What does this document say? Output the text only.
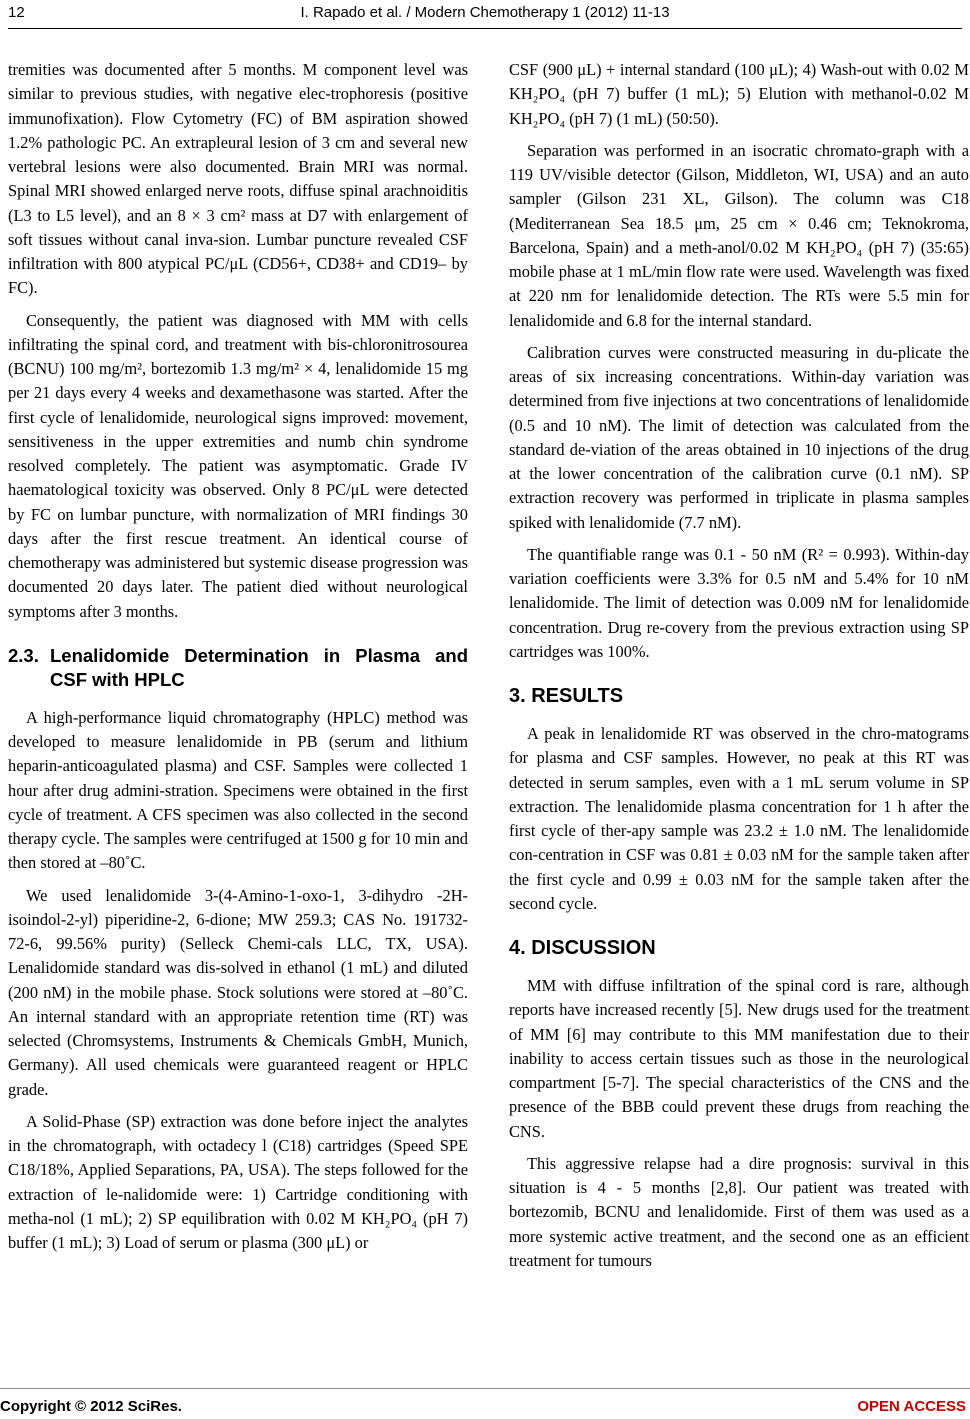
12	I. Rapado et al. / Modern Chemotherapy 1 (2012) 11-13

tremities was documented after 5 months. M component level was similar to previous studies, with negative elec-trophoresis (positive immunofixation). Flow Cytometry (FC) of BM aspiration showed 1.2% pathologic PC. An extrapleural lesion of 3 cm and several new vertebral lesions were also documented. Brain MRI was normal. Spinal MRI showed enlarged nerve roots, diffuse spinal arachnoiditis (L3 to L5 level), and an 8 × 3 cm² mass at D7 with enlargement of soft tissues without canal inva-sion. Lumbar puncture revealed CSF infiltration with 800 atypical PC/μL (CD56+, CD38+ and CD19– by FC).

Consequently, the patient was diagnosed with MM with cells infiltrating the spinal cord, and treatment with bis-chloronitrosourea (BCNU) 100 mg/m², bortezomib 1.3 mg/m² × 4, lenalidomide 15 mg per 21 days every 4 weeks and dexamethasone was started. After the first cycle of lenalidomide, neurological signs improved: movement, sensitiveness in the upper extremities and numb chin syndrome resolved completely. The patient was asymptomatic. Grade IV haematological toxicity was observed. Only 8 PC/μL were detected by FC on lumbar puncture, with normalization of MRI findings 30 days after the first rescue treatment. An identical course of chemotherapy was administered but systemic disease progression was documented 20 days later. The patient died without neurological symptoms after 3 months.

2.3. Lenalidomide Determination in Plasma and CSF with HPLC

A high-performance liquid chromatography (HPLC) method was developed to measure lenalidomide in PB (serum and lithium heparin-anticoagulated plasma) and CSF. Samples were collected 1 hour after drug admini-stration. Specimens were obtained in the first cycle of treatment. A CFS specimen was also collected in the second therapy cycle. The samples were centrifuged at 1500 g for 10 min and then stored at –80˚C.

We used lenalidomide 3-(4-Amino-1-oxo-1, 3-dihydro -2H-isoindol-2-yl) piperidine-2, 6-dione; MW 259.3; CAS No. 191732-72-6, 99.56% purity) (Selleck Chemi-cals LLC, TX, USA). Lenalidomide standard was dis-solved in ethanol (1 mL) and diluted (200 nM) in the mobile phase. Stock solutions were stored at –80˚C. An internal standard with an appropriate retention time (RT) was selected (Chromsystems, Instruments & Chemicals GmbH, Munich, Germany). All used chemicals were guaranteed reagent or HPLC grade.

A Solid-Phase (SP) extraction was done before inject the analytes in the chromatograph, with octadecy l (C18) cartridges (Speed SPE C18/18%, Applied Separations, PA, USA). The steps followed for the extraction of le-nalidomide were: 1) Cartridge conditioning with metha-nol (1 mL); 2) SP equilibration with 0.02 M KH₂PO₄ (pH 7) buffer (1 mL); 3) Load of serum or plasma (300 μL) or

CSF (900 μL) + internal standard (100 μL); 4) Wash-out with 0.02 M KH₂PO₄ (pH 7) buffer (1 mL); 5) Elution with methanol-0.02 M KH₂PO₄ (pH 7) (1 mL) (50:50).

Separation was performed in an isocratic chromato-graph with a 119 UV/visible detector (Gilson, Middleton, WI, USA) and an auto sampler (Gilson 231 XL, Gilson). The column was C18 (Mediterranean Sea 18.5 μm, 25 cm × 0.46 cm; Teknokroma, Barcelona, Spain) and a meth-anol/0.02 M KH₂PO₄ (pH 7) (35:65) mobile phase at 1 mL/min flow rate were used. Wavelength was fixed at 220 nm for lenalidomide detection. The RTs were 5.5 min for lenalidomide and 6.8 for the internal standard.

Calibration curves were constructed measuring in du-plicate the areas of six increasing concentrations. Within-day variation was determined from five injections at two concentrations of lenalidomide (0.5 and 10 nM). The limit of detection was calculated from the standard de-viation of the areas obtained in 10 injections of the drug at the lower concentration of the calibration curve (0.1 nM). SP extraction recovery was performed in triplicate in plasma samples spiked with lenalidomide (7.7 nM).

The quantifiable range was 0.1 - 50 nM (R² = 0.993). Within-day variation coefficients were 3.3% for 0.5 nM and 5.4% for 10 nM lenalidomide. The limit of detection was 0.009 nM for lenalidomide concentration. Drug re-covery from the previous extraction using SP cartridges was 100%.

3. RESULTS

A peak in lenalidomide RT was observed in the chro-matograms for plasma and CSF samples. However, no peak at this RT was detected in serum samples, even with a 1 mL serum volume in SP extraction. The lenalidomide plasma concentration for 1 h after the first cycle of ther-apy sample was 23.2 ± 1.0 nM. The lenalidomide con-centration in CSF was 0.81 ± 0.03 nM for the sample taken after the first cycle and 0.99 ± 0.03 nM for the sample taken after the second cycle.

4. DISCUSSION

MM with diffuse infiltration of the spinal cord is rare, although reports have increased recently [5]. New drugs used for the treatment of MM [6] may contribute to this MM manifestation due to their inability to access certain tissues such as those in the neurological compartment [5-7]. The special characteristics of the CNS and the presence of the BBB could prevent these drugs from reaching the CNS.

This aggressive relapse had a dire prognosis: survival in this situation is 4 - 5 months [2,8]. Our patient was treated with bortezomib, BCNU and lenalidomide. First of them was used as a more systemic active treatment, and the second one as an efficient treatment for tumours

Copyright © 2012 SciRes.	OPEN ACCESS
